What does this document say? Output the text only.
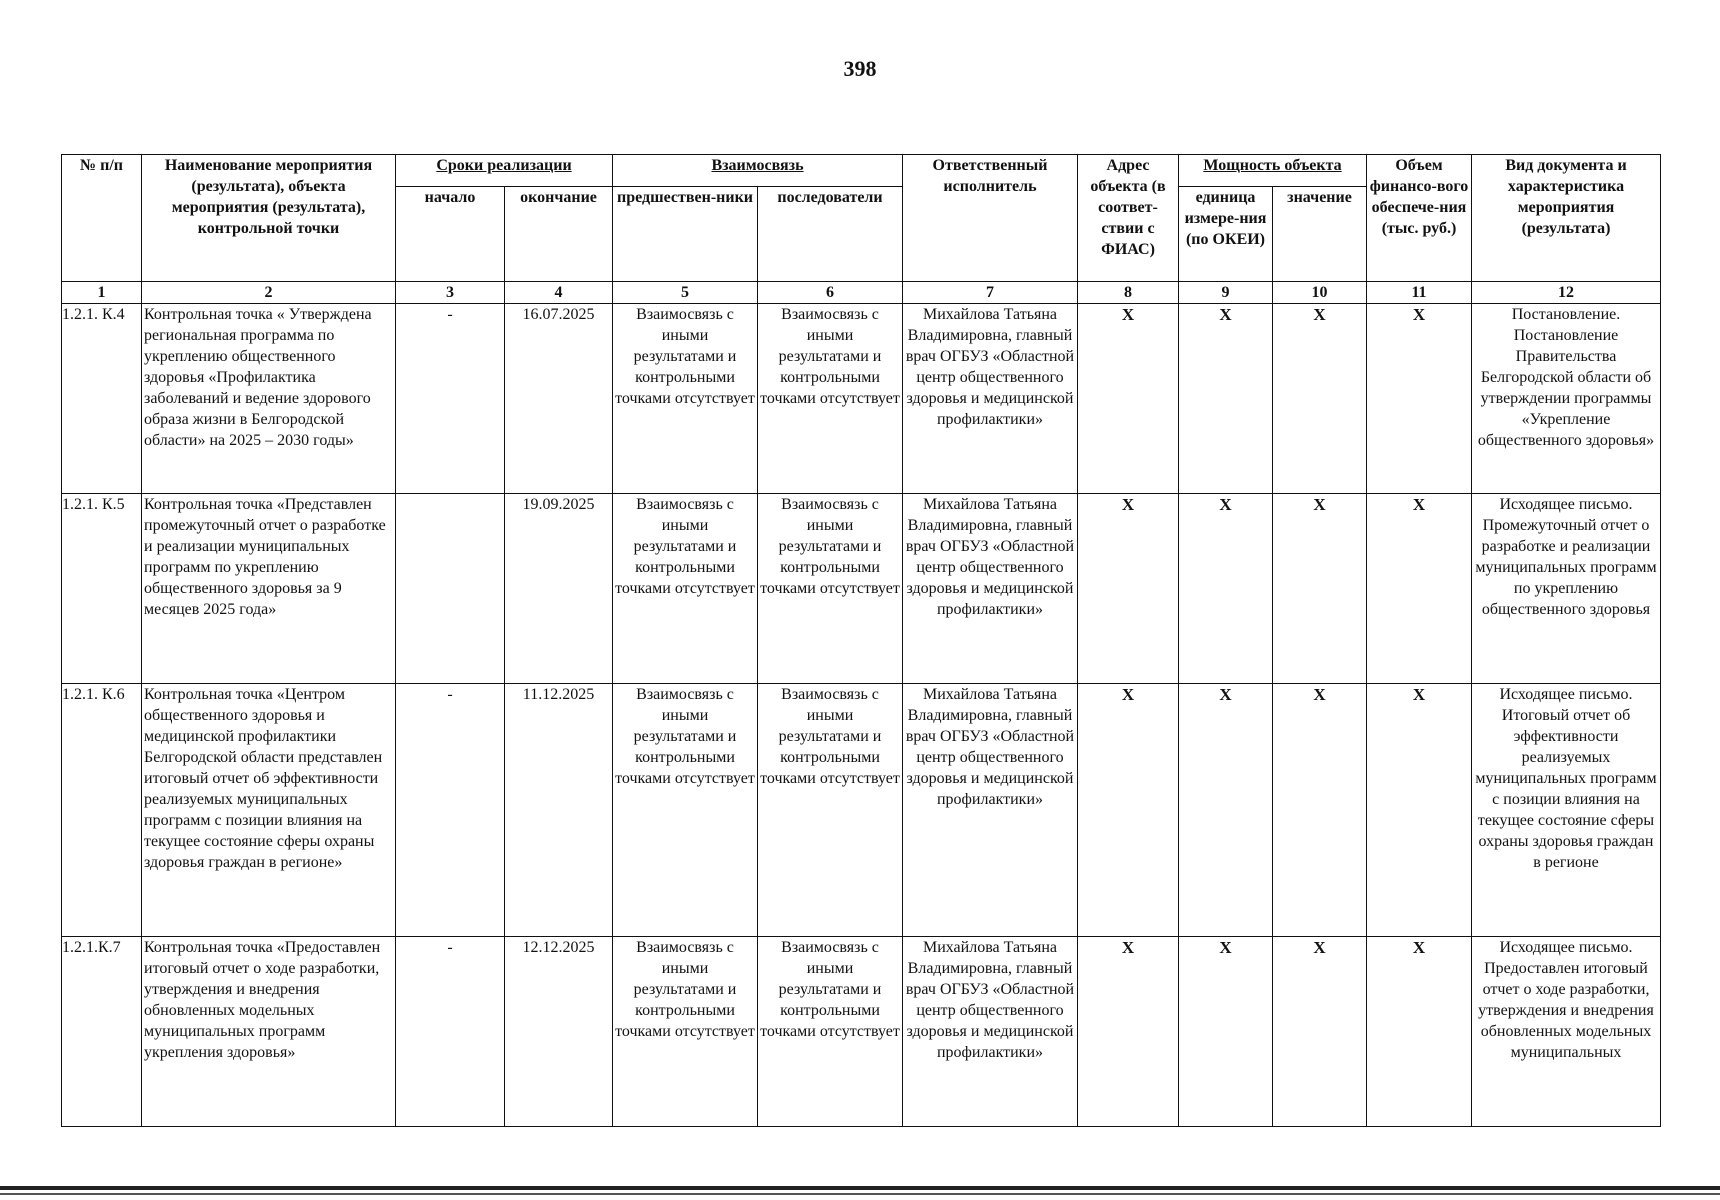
398
№ п/п	Наименование мероприятия (результата), объекта мероприятия (результата), контрольной точки	Сроки реализации		Взаимосвязь		Ответственный исполнитель	Адрес объекта (в соответ-ствии с ФИАС)	Мощность объекта		Объем финансо-вого обеспече-ния (тыс. руб.)	Вид документа и характеристика мероприятия (результата)
		начало	окончание	предшествен-ники	последователи			единица измере-ния (по ОКЕИ)	значение		
1	2	3	4	5	6	7	8	9	10	11	12
1.2.1. К.4	Контрольная точка « Утверждена региональная программа по укреплению общественного здоровья «Профилактика заболеваний и ведение здорового образа жизни в Белгородской области» на 2025 – 2030 годы»	-	16.07.2025	Взаимосвязь с иными результатами и контрольными точками отсутствует	Взаимосвязь с иными результатами и контрольными точками отсутствует	Михайлова Татьяна Владимировна, главный врач ОГБУЗ «Областной центр общественного здоровья и медицинской профилактики»	Х	Х	Х	Х	Постановление. Постановление Правительства Белгородской области об утверждении программы «Укрепление общественного здоровья»
1.2.1. К.5	Контрольная точка «Представлен промежуточный отчет о разработке и реализации муниципальных программ по укреплению общественного здоровья за 9 месяцев 2025 года»		19.09.2025	Взаимосвязь с иными результатами и контрольными точками отсутствует	Взаимосвязь с иными результатами и контрольными точками отсутствует	Михайлова Татьяна Владимировна, главный врач ОГБУЗ «Областной центр общественного здоровья и медицинской профилактики»	Х	Х	Х	Х	Исходящее письмо. Промежуточный отчет о разработке и реализации муниципальных программ по укреплению общественного здоровья
1.2.1. К.6	Контрольная точка «Центром общественного здоровья и медицинской профилактики Белгородской области представлен итоговый отчет об эффективности реализуемых муниципальных программ с позиции влияния на текущее состояние сферы охраны здоровья граждан в регионе»	-	11.12.2025	Взаимосвязь с иными результатами и контрольными точками отсутствует	Взаимосвязь с иными результатами и контрольными точками отсутствует	Михайлова Татьяна Владимировна, главный врач ОГБУЗ «Областной центр общественного здоровья и медицинской профилактики»	Х	Х	Х	Х	Исходящее письмо. Итоговый отчет об эффективности реализуемых муниципальных программ с позиции влияния на текущее состояние сферы охраны здоровья граждан в регионе
1.2.1.К.7	Контрольная точка «Предоставлен итоговый отчет о ходе разработки, утверждения и внедрения обновленных модельных муниципальных программ укрепления здоровья»	-	12.12.2025	Взаимосвязь с иными результатами и контрольными точками отсутствует	Взаимосвязь с иными результатами и контрольными точками отсутствует	Михайлова Татьяна Владимировна, главный врач ОГБУЗ «Областной центр общественного здоровья и медицинской профилактики»	Х	Х	Х	Х	Исходящее письмо. Предоставлен итоговый отчет о ходе разработки, утверждения и внедрения обновленных модельных муниципальных
